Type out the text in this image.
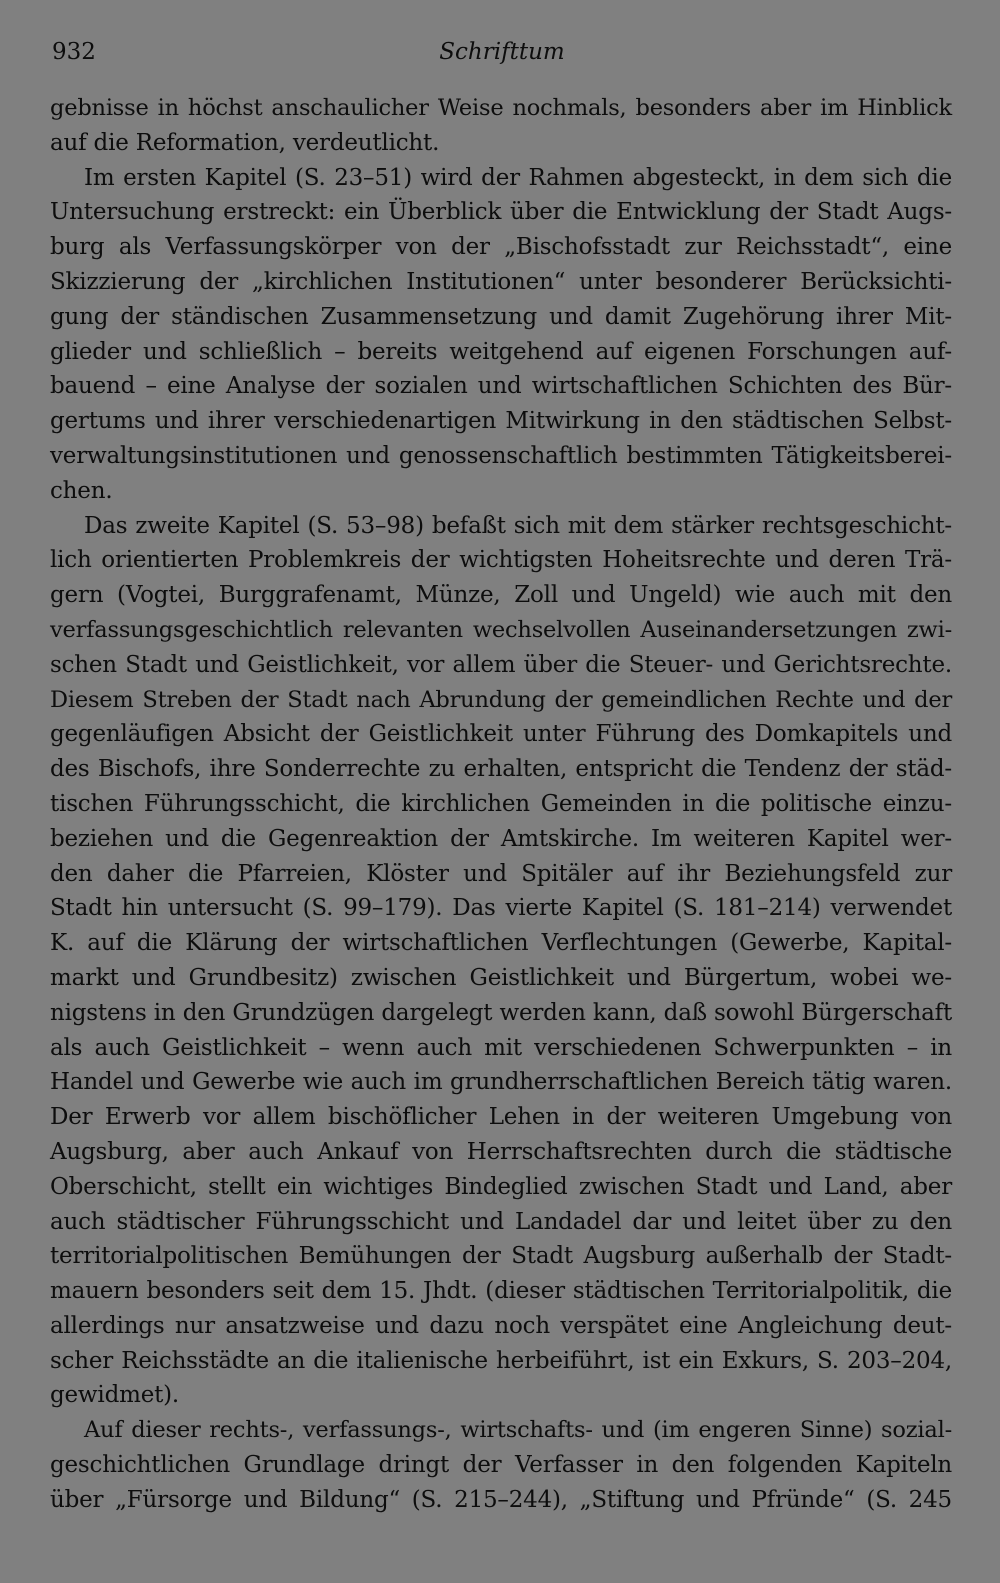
932	Schrifttum
gebnisse in höchst anschaulicher Weise nochmals, besonders aber im Hinblick
auf die Reformation, verdeutlicht.
Im ersten Kapitel (S. 23–51) wird der Rahmen abgesteckt, in dem sich die
Untersuchung erstreckt: ein Überblick über die Entwicklung der Stadt Augs-
burg als Verfassungskörper von der „Bischofsstadt zur Reichsstadt“, eine
Skizzierung der „kirchlichen Institutionen“ unter besonderer Berücksichti-
gung der ständischen Zusammensetzung und damit Zugehörung ihrer Mit-
glieder und schließlich – bereits weitgehend auf eigenen Forschungen auf-
bauend – eine Analyse der sozialen und wirtschaftlichen Schichten des Bür-
gertums und ihrer verschiedenartigen Mitwirkung in den städtischen Selbst-
verwaltungsinstitutionen und genossenschaftlich bestimmten Tätigkeitsberei-
chen.
Das zweite Kapitel (S. 53–98) befaßt sich mit dem stärker rechtsgeschicht-
lich orientierten Problemkreis der wichtigsten Hoheitsrechte und deren Trä-
gern (Vogtei, Burggrafenamt, Münze, Zoll und Ungeld) wie auch mit den
verfassungsgeschichtlich relevanten wechselvollen Auseinandersetzungen zwi-
schen Stadt und Geistlichkeit, vor allem über die Steuer- und Gerichtsrechte.
Diesem Streben der Stadt nach Abrundung der gemeindlichen Rechte und der
gegenläufigen Absicht der Geistlichkeit unter Führung des Domkapitels und
des Bischofs, ihre Sonderrechte zu erhalten, entspricht die Tendenz der städ-
tischen Führungsschicht, die kirchlichen Gemeinden in die politische einzu-
beziehen und die Gegenreaktion der Amtskirche. Im weiteren Kapitel wer-
den daher die Pfarreien, Klöster und Spitäler auf ihr Beziehungsfeld zur
Stadt hin untersucht (S. 99–179). Das vierte Kapitel (S. 181–214) verwendet
K. auf die Klärung der wirtschaftlichen Verflechtungen (Gewerbe, Kapital-
markt und Grundbesitz) zwischen Geistlichkeit und Bürgertum, wobei we-
nigstens in den Grundzügen dargelegt werden kann, daß sowohl Bürgerschaft
als auch Geistlichkeit – wenn auch mit verschiedenen Schwerpunkten – in
Handel und Gewerbe wie auch im grundherrschaftlichen Bereich tätig waren.
Der Erwerb vor allem bischöflicher Lehen in der weiteren Umgebung von
Augsburg, aber auch Ankauf von Herrschaftsrechten durch die städtische
Oberschicht, stellt ein wichtiges Bindeglied zwischen Stadt und Land, aber
auch städtischer Führungsschicht und Landadel dar und leitet über zu den
territorialpolitischen Bemühungen der Stadt Augsburg außerhalb der Stadt-
mauern besonders seit dem 15. Jhdt. (dieser städtischen Territorialpolitik, die
allerdings nur ansatzweise und dazu noch verspätet eine Angleichung deut-
scher Reichsstädte an die italienische herbeiführt, ist ein Exkurs, S. 203–204,
gewidmet).
Auf dieser rechts-, verfassungs-, wirtschafts- und (im engeren Sinne) sozial-
geschichtlichen Grundlage dringt der Verfasser in den folgenden Kapiteln
über „Fürsorge und Bildung“ (S. 215–244), „Stiftung und Pfründe“ (S. 245
